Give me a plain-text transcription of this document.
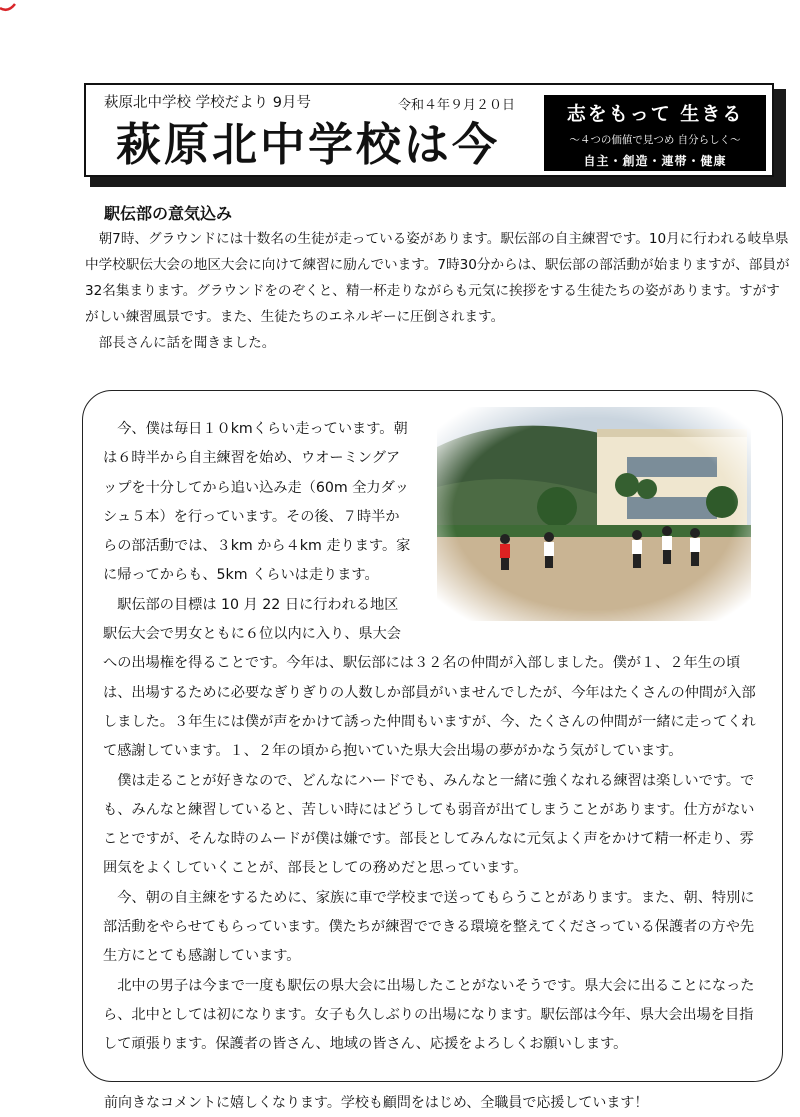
萩原北中学校 学校だより 9月号	令和４年９月２０日
萩原北中学校は今
志をもって 生きる
～４つの価値で見つめ 自分らしく～
自主・創造・連帯・健康
駅伝部の意気込み

朝7時、グラウンドには十数名の生徒が走っている姿があります。駅伝部の自主練習です。10月に行われる岐阜県中学校駅伝大会の地区大会に向けて練習に励んでいます。7時30分からは、駅伝部の部活動が始まりますが、部員が32名集まります。グラウンドをのぞくと、精一杯走りながらも元気に挨拶をする生徒たちの姿があります。すがすがしい練習風景です。また、生徒たちのエネルギーに圧倒されます。

部長さんに話を聞きました。

今、僕は毎日１０kmくらい走っています。朝は６時半から自主練習を始め、ウオーミングアップを十分してから追い込み走（60m 全力ダッシュ５本）を行っています。その後、７時半からの部活動では、３km から４km 走ります。家に帰ってからも、5km くらいは走ります。

駅伝部の目標は 10 月 22 日に行われる地区駅伝大会で男女ともに６位以内に入り、県大会への出場権を得ることです。今年は、駅伝部には３２名の仲間が入部しました。僕が１、２年生の頃は、出場するために必要なぎりぎりの人数しか部員がいませんでしたが、今年はたくさんの仲間が入部しました。３年生には僕が声をかけて誘った仲間もいますが、今、たくさんの仲間が一緒に走ってくれて感謝しています。１、２年の頃から抱いていた県大会出場の夢がかなう気がしています。

僕は走ることが好きなので、どんなにハードでも、みんなと一緒に強くなれる練習は楽しいです。でも、みんなと練習していると、苦しい時にはどうしても弱音が出てしまうことがあります。仕方がないことですが、そんな時のムードが僕は嫌です。部長としてみんなに元気よく声をかけて精一杯走り、雰囲気をよくしていくことが、部長としての務めだと思っています。

今、朝の自主練をするために、家族に車で学校まで送ってもらうことがあります。また、朝、特別に部活動をやらせてもらっています。僕たちが練習でできる環境を整えてくださっている保護者の方や先生方にとても感謝しています。

北中の男子は今まで一度も駅伝の県大会に出場したことがないそうです。県大会に出ることになったら、北中としては初になります。女子も久しぶりの出場になります。駅伝部は今年、県大会出場を目指して頑張ります。保護者の皆さん、地域の皆さん、応援をよろしくお願いします。

前向きなコメントに嬉しくなります。学校も顧問をはじめ、全職員で応援しています！
